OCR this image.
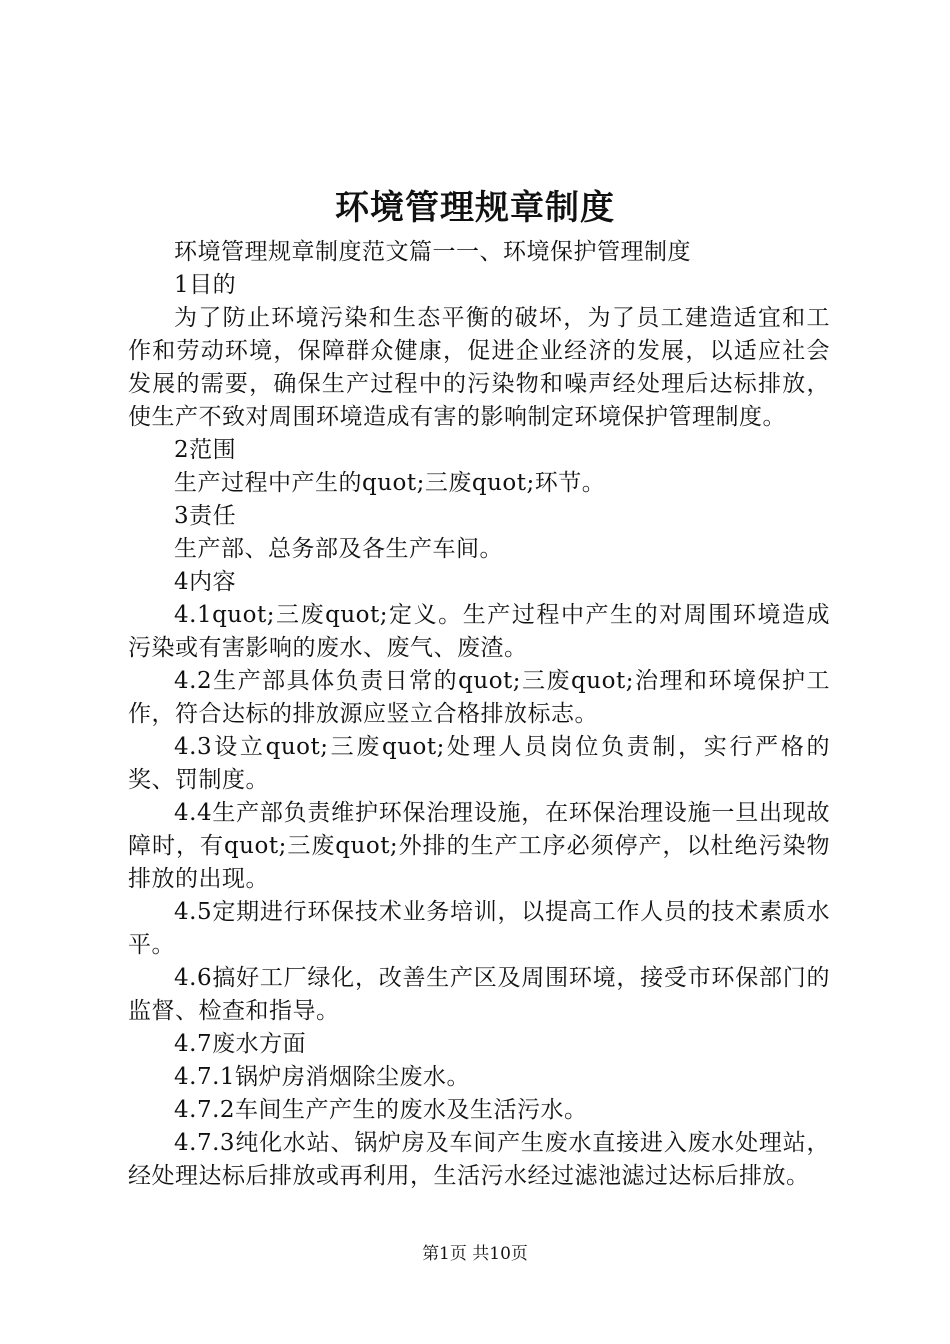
环境管理规章制度

环境管理规章制度范文篇一一、环境保护管理制度

1目的

为了防止环境污染和生态平衡的破坏，为了员工建造适宜和工作和劳动环境，保障群众健康，促进企业经济的发展，以适应社会发展的需要，确保生产过程中的污染物和噪声经处理后达标排放，使生产不致对周围环境造成有害的影响制定环境保护管理制度。

2范围

生产过程中产生的quot;三废quot;环节。

3责任

生产部、总务部及各生产车间。

4内容

4.1quot;三废quot;定义。生产过程中产生的对周围环境造成污染或有害影响的废水、废气、废渣。

4.2生产部具体负责日常的quot;三废quot;治理和环境保护工作，符合达标的排放源应竖立合格排放标志。

4.3设立quot;三废quot;处理人员岗位负责制，实行严格的奖、罚制度。

4.4生产部负责维护环保治理设施，在环保治理设施一旦出现故障时，有quot;三废quot;外排的生产工序必须停产，以杜绝污染物排放的出现。

4.5定期进行环保技术业务培训，以提高工作人员的技术素质水平。

4.6搞好工厂绿化，改善生产区及周围环境，接受市环保部门的监督、检查和指导。

4.7废水方面

4.7.1锅炉房消烟除尘废水。

4.7.2车间生产产生的废水及生活污水。

4.7.3纯化水站、锅炉房及车间产生废水直接进入废水处理站，经处理达标后排放或再利用，生活污水经过滤池滤过达标后排放。

第1页 共10页
